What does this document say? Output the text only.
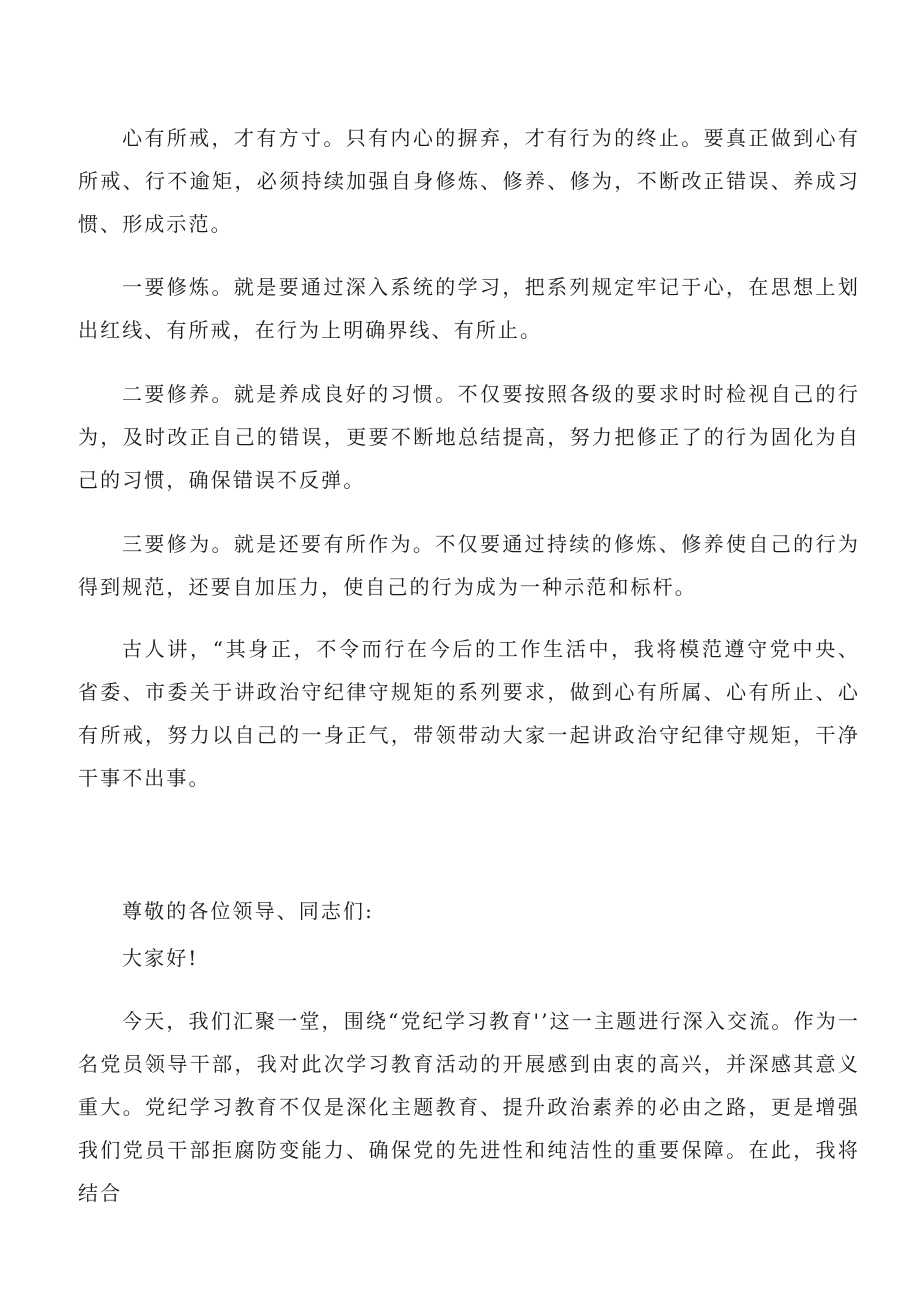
心有所戒，才有方寸。只有内心的摒弃，才有行为的终止。要真正做到心有所戒、行不逾矩，必须持续加强自身修炼、修养、修为，不断改正错误、养成习惯、形成示范。

一要修炼。就是要通过深入系统的学习，把系列规定牢记于心，在思想上划出红线、有所戒，在行为上明确界线、有所止。

二要修养。就是养成良好的习惯。不仅要按照各级的要求时时检视自己的行为，及时改正自己的错误，更要不断地总结提高，努力把修正了的行为固化为自己的习惯，确保错误不反弹。

三要修为。就是还要有所作为。不仅要通过持续的修炼、修养使自己的行为得到规范，还要自加压力，使自己的行为成为一种示范和标杆。

古人讲，“其身正，不令而行在今后的工作生活中，我将模范遵守党中央、省委、市委关于讲政治守纪律守规矩的系列要求，做到心有所属、心有所止、心有所戒，努力以自己的一身正气，带领带动大家一起讲政治守纪律守规矩，干净干事不出事。

尊敬的各位领导、同志们:

大家好!

今天，我们汇聚一堂，围绕“党纪学习教育'’这一主题进行深入交流。作为一名党员领导干部，我对此次学习教育活动的开展感到由衷的高兴，并深感其意义重大。党纪学习教育不仅是深化主题教育、提升政治素养的必由之路，更是增强我们党员干部拒腐防变能力、确保党的先进性和纯洁性的重要保障。在此，我将结合
